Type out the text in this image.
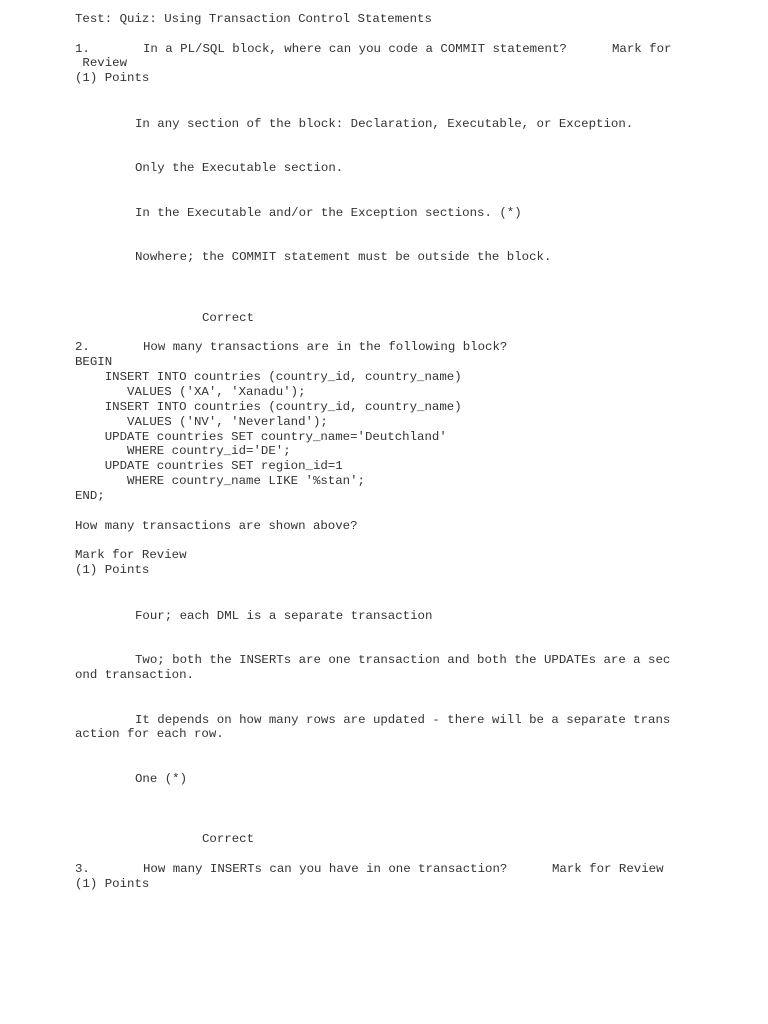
Test: Quiz: Using Transaction Control Statements
1.	In a PL/SQL block, where can you code a COMMIT statement?	Mark for
Review
(1) Points
In any section of the block: Declaration, Executable, or Exception.
Only the Executable section.
In the Executable and/or the Exception sections. (*)
Nowhere; the COMMIT statement must be outside the block.
Correct
2.	How many transactions are in the following block?
BEGIN
INSERT INTO countries (country_id, country_name)
VALUES ('XA', 'Xanadu');
INSERT INTO countries (country_id, country_name)
VALUES ('NV', 'Neverland');
UPDATE countries SET country_name='Deutchland'
WHERE country_id='DE';
UPDATE countries SET region_id=1
WHERE country_name LIKE '%stan';
END;
How many transactions are shown above?
Mark for Review
(1) Points
Four; each DML is a separate transaction
Two; both the INSERTs are one transaction and both the UPDATEs are a sec
ond transaction.
It depends on how many rows are updated - there will be a separate trans
action for each row.
One (*)
Correct
3.	How many INSERTs can you have in one transaction?	Mark for Review
(1) Points
